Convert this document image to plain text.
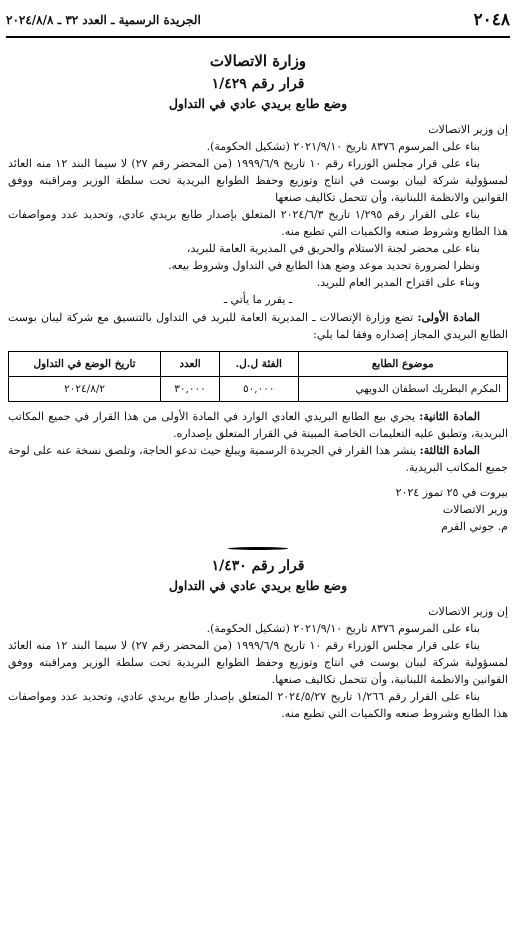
٢٠٤٨
الجريدة الرسمية ـ العدد ٣٢ ـ ٢٠٢٤/٨/٨
وزارة الاتصالات
قرار رقم ١/٤٢٩
وضع طابع بريدي عادي في التداول

إن وزير الاتصالات

بناء على المرسوم ٨٣٧٦ تاريخ ٢٠٢١/٩/١٠ (تشكيل الحكومة).

بناء على قرار مجلس الوزراء رقم ١٠ تاريخ ١٩٩٩/٦/٩ (من المحضر رقم ٢٧) لا سيما البند ١٢ منه العائد لمسؤولية شركة ليبان بوست في انتاج وتوزيع وحفظ الطوابع البريدية تحت سلطة الوزير ومراقبته ووفق القوانين والانظمة اللبنانية، وأن تتحمل تكاليف صنعها

بناء على القرار رقم ١/٢٩٥ تاريخ ٢٠٢٤/٦/٣ المتعلق بإصدار طابع بريدي عادي، وتحديد عدد ومواصفات هذا الطابع وشروط صنعه والكميات التي تطبع منه.

بناء على محضر لجنة الاستلام والحريق في المديرية العامة للبريد،

ونظرا لضرورة تحديد موعد وضع هذا الطابع في التداول وشروط بيعه.

وبناء على اقتراح المدير العام للبريد.

ـ يقرر ما يأتي ـ

المادة الأولى: تضع وزارة الإتصالات ـ المديرية العامة للبريد في التداول بالتنسيق مع شركة ليبان بوست الطابع البريدي المجاز إصداره وفقا لما يلي:

موضوع الطابع	الفئة ل.ل.	العدد	تاريخ الوضع في التداول
المكرم البطريك اسطفان الدويهي	٥٠,٠٠٠	٣٠,٠٠٠	٢٠٢٤/٨/٢

المادة الثانية: يجري بيع الطابع البريدي العادي الوارد في المادة الأولى من هذا القرار في جميع المكاتب البريدية، وتطبق عليه التعليمات الخاصة المبينة في القرار المتعلق بإصداره.

المادة الثالثة: ينشر هذا القرار في الجريدة الرسمية ويبلغ حيث تدعو الحاجة، وتلصق نسخة عنه على لوحة جميع المكاتب البريدية.

بيروت في ٢٥ تموز ٢٠٢٤

وزير الاتصالات

م. جوني القرم

قرار رقم ١/٤٣٠
وضع طابع بريدي عادي في التداول

إن وزير الاتصالات

بناء على المرسوم ٨٣٧٦ تاريخ ٢٠٢١/٩/١٠ (تشكيل الحكومة).

بناء على قرار مجلس الوزراء رقم ١٠ تاريخ ١٩٩٩/٦/٩ (من المحضر رقم ٢٧) لا سيما البند ١٢ منه العائد لمسؤولية شركة ليبان بوست في انتاج وتوزيع وحفظ الطوابع البريدية تحت سلطة الوزير ومراقبته ووفق القوانين والانظمة اللبنانية، وأن تتحمل تكاليف صنعها.

بناء على القرار رقم ١/٢٦٦ تاريخ ٢٠٢٤/٥/٢٧ المتعلق بإصدار طابع بريدي عادي، وتحديد عدد ومواصفات هذا الطابع وشروط صنعه والكميات التي تطبع منه.
